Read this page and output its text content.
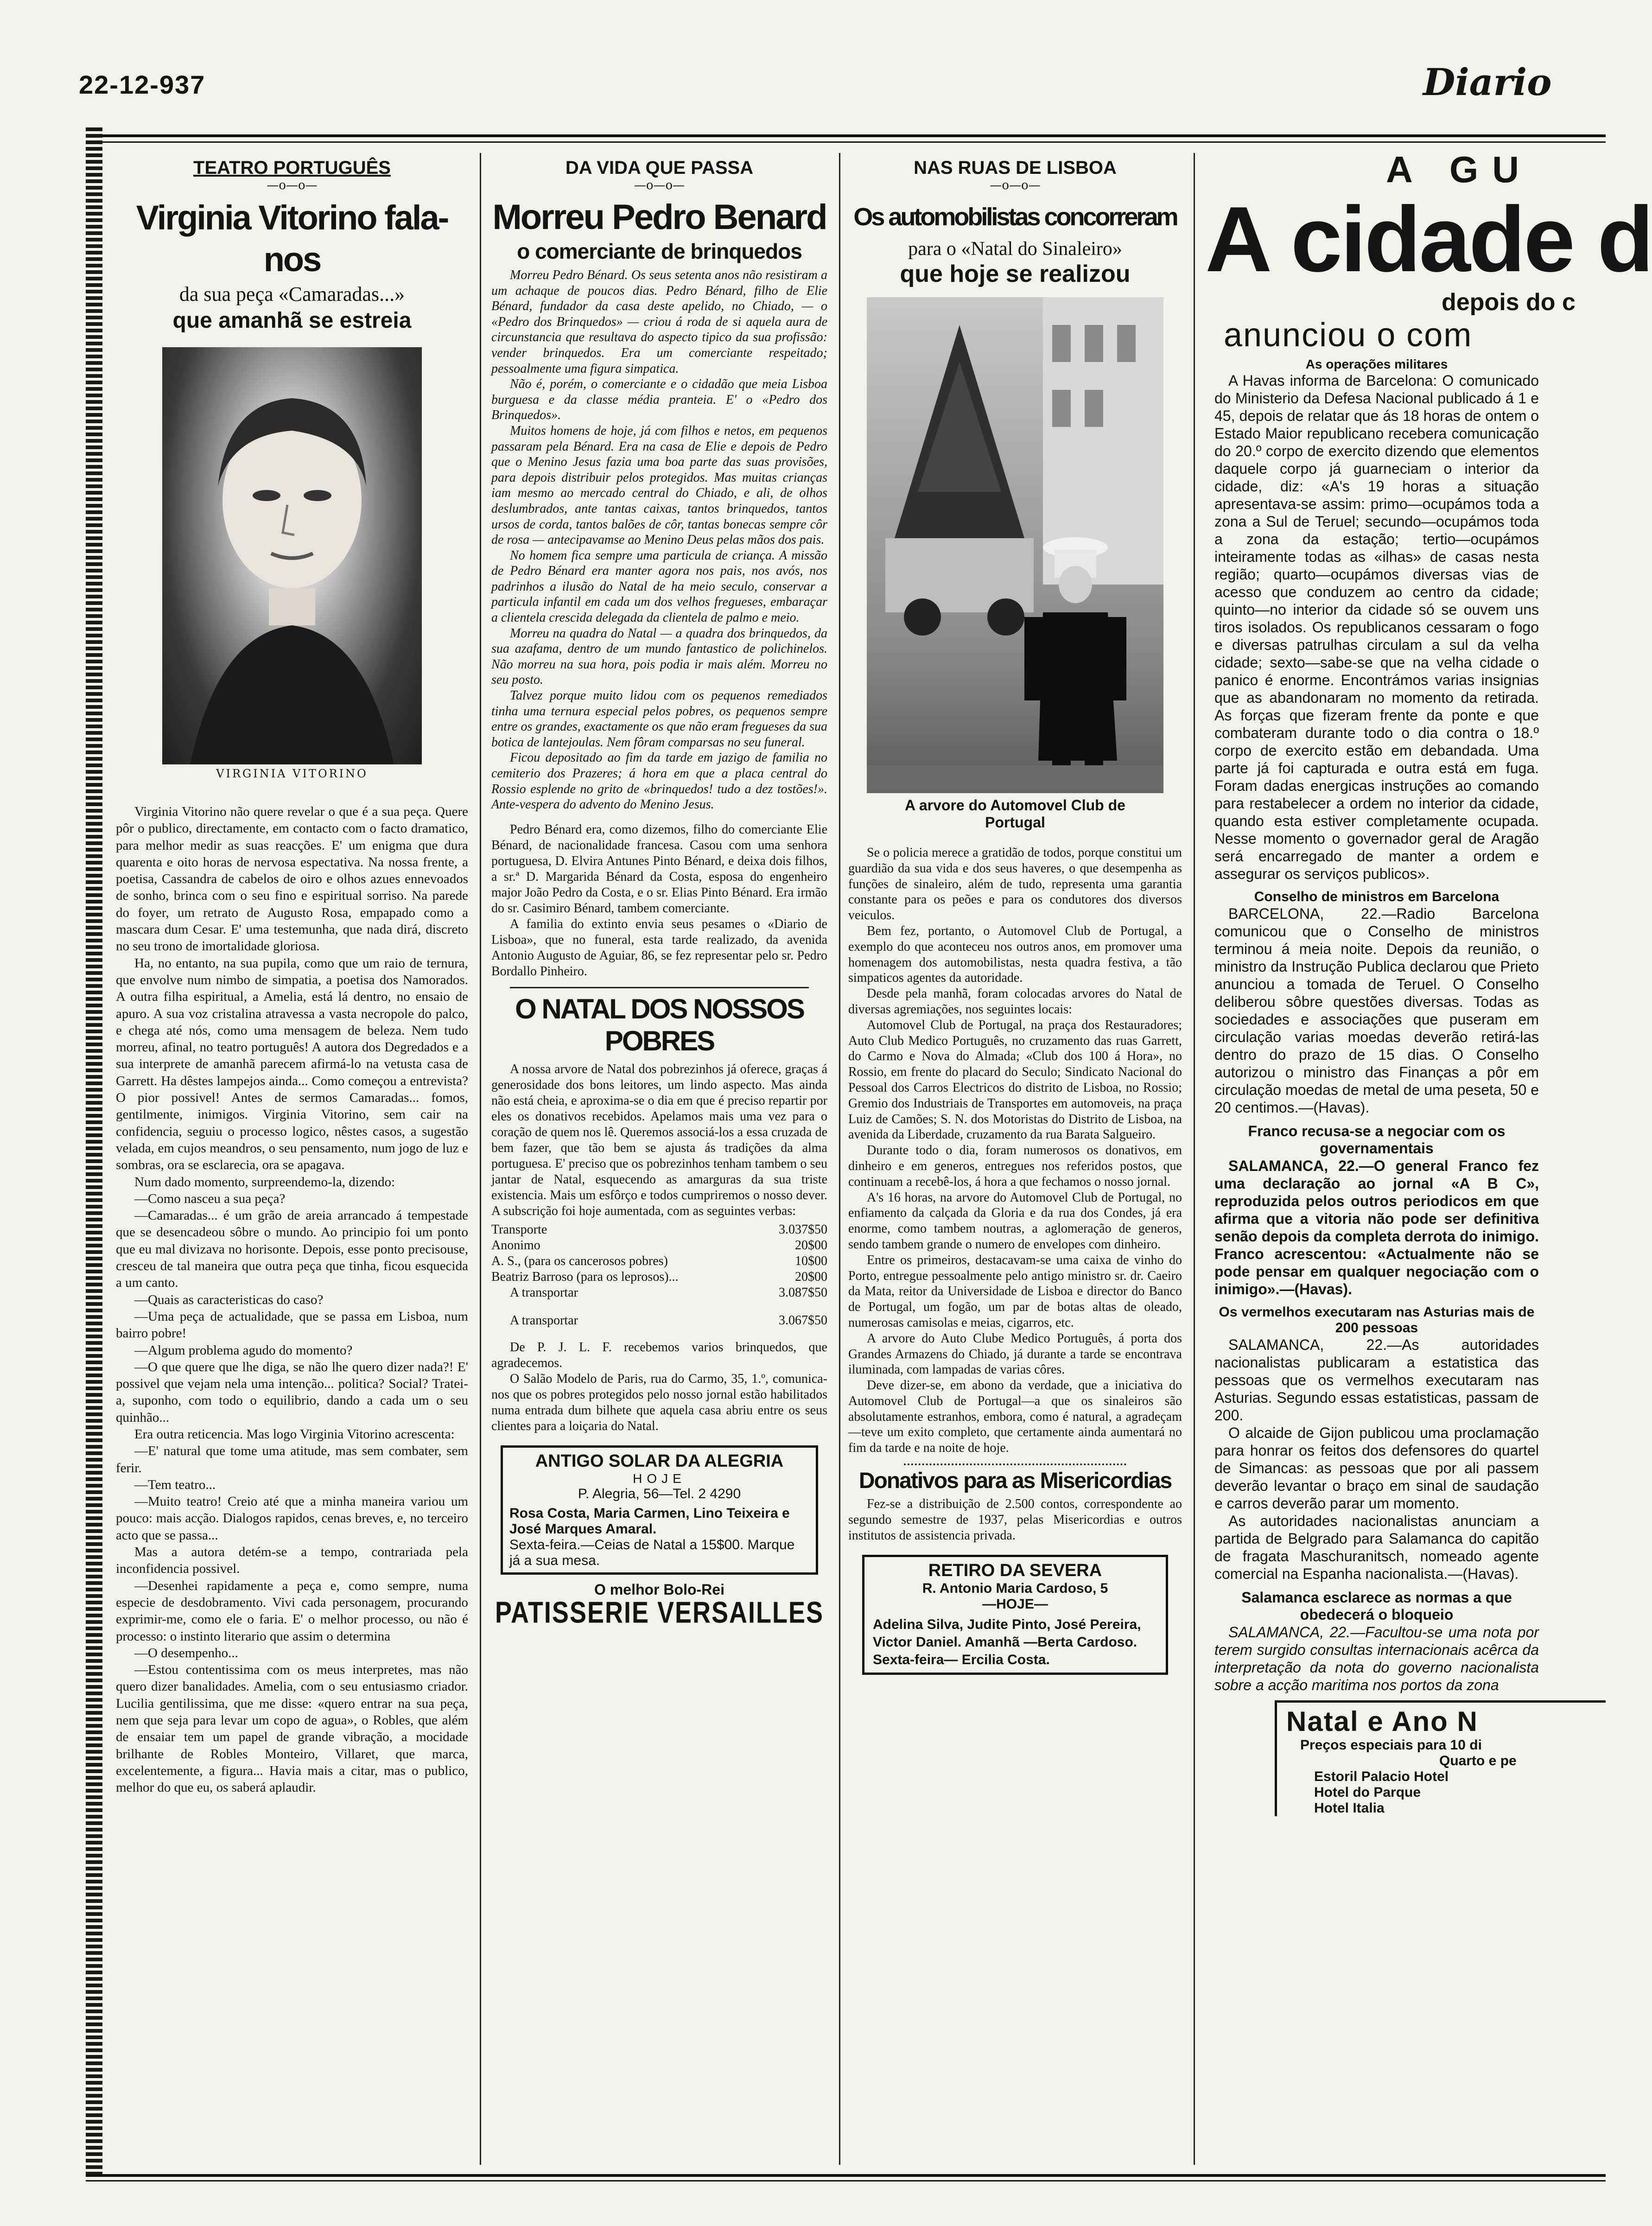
22-12-937	Diario
TEATRO PORTUGUÊS
—o—o—
Virginia Vitorino fala-nos
da sua peça «Camaradas...»
que amanhã se estreia
VIRGINIA VITORINO

Virginia Vitorino não quere revelar o que é a sua peça. Quere pôr o publico, directamente, em contacto com o facto dramatico, para melhor medir as suas reacções. E' um enigma que dura quarenta e oito horas de nervosa espectativa. Na nossa frente, a poetisa, Cassandra de cabelos de oiro e olhos azues ennevoados de sonho, brinca com o seu fino e espiritual sorriso. Na parede do foyer, um retrato de Augusto Rosa, empapado como a mascara dum Cesar. E' uma testemunha, que nada dirá, discreto no seu trono de imortalidade gloriosa.

Ha, no entanto, na sua pupila, como que um raio de ternura, que envolve num nimbo de simpatia, a poetisa dos Namorados. A outra filha espiritual, a Amelia, está lá dentro, no ensaio de apuro. A sua voz cristalina atravessa a vasta necropole do palco, e chega até nós, como uma mensagem de beleza. Nem tudo morreu, afinal, no teatro português! A autora dos Degredados e a sua interprete de amanhã parecem afirmá-lo na vetusta casa de Garrett. Ha dêstes lampejos ainda... Como começou a entrevista? O pior possivel! Antes de sermos Camaradas... fomos, gentilmente, inimigos. Virginia Vitorino, sem cair na confidencia, seguiu o processo logico, nêstes casos, a sugestão velada, em cujos meandros, o seu pensamento, num jogo de luz e sombras, ora se esclarecia, ora se apagava.

Num dado momento, surpreendemo-la, dizendo:

—Como nasceu a sua peça?

—Camaradas... é um grão de areia arrancado á tempestade que se desencadeou sôbre o mundo. Ao principio foi um ponto que eu mal divizava no horisonte. Depois, esse ponto precisouse, cresceu de tal maneira que outra peça que tinha, ficou esquecida a um canto.

—Quais as caracteristicas do caso?

—Uma peça de actualidade, que se passa em Lisboa, num bairro pobre!

—Algum problema agudo do momento?

—O que quere que lhe diga, se não lhe quero dizer nada?! E' possivel que vejam nela uma intenção... politica? Social? Tratei-a, suponho, com todo o equilibrio, dando a cada um o seu quinhão...

Era outra reticencia. Mas logo Virginia Vitorino acrescenta:

—E' natural que tome uma atitude, mas sem combater, sem ferir.

—Tem teatro...

—Muito teatro! Creio até que a minha maneira variou um pouco: mais acção. Dialogos rapidos, cenas breves, e, no terceiro acto que se passa...

Mas a autora detém-se a tempo, contrariada pela inconfidencia possivel.

—Desenhei rapidamente a peça e, como sempre, numa especie de desdobramento. Vivi cada personagem, procurando exprimir-me, como ele o faria. E' o melhor processo, ou não é processo: o instinto literario que assim o determina

—O desempenho...

—Estou contentissima com os meus interpretes, mas não quero dizer banalidades. Amelia, com o seu entusiasmo criador. Lucilia gentilissima, que me disse: «quero entrar na sua peça, nem que seja para levar um copo de agua», o Robles, que além de ensaiar tem um papel de grande vibração, a mocidade brilhante de Robles Monteiro, Villaret, que marca, excelentemente, a figura... Havia mais a citar, mas o publico, melhor do que eu, os saberá aplaudir.

DA VIDA QUE PASSA
—o—o—
Morreu Pedro Benard
o comerciante de brinquedos

Morreu Pedro Bénard. Os seus setenta anos não resistiram a um achaque de poucos dias. Pedro Bénard, filho de Elie Bénard, fundador da casa deste apelido, no Chiado, — o «Pedro dos Brinquedos» — criou á roda de si aquela aura de circunstancia que resultava do aspecto tipico da sua profissão: vender brinquedos. Era um comerciante respeitado; pessoalmente uma figura simpatica.

Não é, porém, o comerciante e o cidadão que meia Lisboa burguesa e da classe média pranteia. E' o «Pedro dos Brinquedos».

Muitos homens de hoje, já com filhos e netos, em pequenos passaram pela Bénard. Era na casa de Elie e depois de Pedro que o Menino Jesus fazia uma boa parte das suas provisões, para depois distribuir pelos protegidos. Mas muitas crianças iam mesmo ao mercado central do Chiado, e ali, de olhos deslumbrados, ante tantas caixas, tantos brinquedos, tantos ursos de corda, tantos balões de côr, tantas bonecas sempre côr de rosa — antecipavamse ao Menino Deus pelas mãos dos pais.

No homem fica sempre uma particula de criança. A missão de Pedro Bénard era manter agora nos pais, nos avós, nos padrinhos a ilusão do Natal de ha meio seculo, conservar a particula infantil em cada um dos velhos fregueses, embaraçar a clientela crescida delegada da clientela de palmo e meio.

Morreu na quadra do Natal — a quadra dos brinquedos, da sua azafama, dentro de um mundo fantastico de polichinelos. Não morreu na sua hora, pois podia ir mais além. Morreu no seu posto.

Talvez porque muito lidou com os pequenos remediados tinha uma ternura especial pelos pobres, os pequenos sempre entre os grandes, exactamente os que não eram fregueses da sua botica de lantejoulas. Nem fôram comparsas no seu funeral.

Ficou depositado ao fim da tarde em jazigo de familia no cemiterio dos Prazeres; á hora em que a placa central do Rossio esplende no grito de «brinquedos! tudo a dez tostões!». Ante-vespera do advento do Menino Jesus.

Pedro Bénard era, como dizemos, filho do comerciante Elie Bénard, de nacionalidade francesa. Casou com uma senhora portuguesa, D. Elvira Antunes Pinto Bénard, e deixa dois filhos, a sr.ª D. Margarida Bénard da Costa, esposa do engenheiro major João Pedro da Costa, e o sr. Elias Pinto Bénard. Era irmão do sr. Casimiro Bénard, tambem comerciante.

A familia do extinto envia seus pesames o «Diario de Lisboa», que no funeral, esta tarde realizado, da avenida Antonio Augusto de Aguiar, 86, se fez representar pelo sr. Pedro Bordallo Pinheiro.

O NATAL DOS NOSSOS POBRES

A nossa arvore de Natal dos pobrezinhos já oferece, graças á generosidade dos bons leitores, um lindo aspecto. Mas ainda não está cheia, e aproxima-se o dia em que é preciso repartir por eles os donativos recebidos. Apelamos mais uma vez para o coração de quem nos lê. Queremos associá-los a essa cruzada de bem fazer, que tão bem se ajusta ás tradições da alma portuguesa. E' preciso que os pobrezinhos tenham tambem o seu jantar de Natal, esquecendo as amarguras da sua triste existencia. Mais um esfôrço e todos cumpriremos o nosso dever. A subscrição foi hoje aumentada, com as seguintes verbas:

Transporte	3.037$50
Anonimo	20$00
A. S., (para os cancerosos pobres)	10$00
Beatriz Barroso (para os leprosos)...	20$00
A transportar	3.087$50
A transportar	3.067$50

De P. J. L. F. recebemos varios brinquedos, que agradecemos.

O Salão Modelo de Paris, rua do Carmo, 35, 1.º, comunica-nos que os pobres protegidos pelo nosso jornal estão habilitados numa entrada dum bilhete que aquela casa abriu entre os seus clientes para a loiçaria do Natal.

ANTIGO SOLAR DA ALEGRIA
HOJE
P. Alegria, 56—Tel. 2 4290
Rosa Costa, Maria Carmen, Lino Teixeira e José Marques Amaral.
Sexta-feira.—Ceias de Natal a 15$00. Marque já a sua mesa.
O melhor Bolo-Rei
PATISSERIE VERSAILLES
NAS RUAS DE LISBOA
—o—o—
Os automobilistas concorreram
para o «Natal do Sinaleiro»
que hoje se realizou
A arvore do Automovel Club de Portugal

Se o policia merece a gratidão de todos, porque constitui um guardião da sua vida e dos seus haveres, o que desempenha as funções de sinaleiro, além de tudo, representa uma garantia constante para os peões e para os condutores dos diversos veiculos.

Bem fez, portanto, o Automovel Club de Portugal, a exemplo do que aconteceu nos outros anos, em promover uma homenagem dos automobilistas, nesta quadra festiva, a tão simpaticos agentes da autoridade.

Desde pela manhã, foram colocadas arvores do Natal de diversas agremiações, nos seguintes locais:

Automovel Club de Portugal, na praça dos Restauradores; Auto Club Medico Português, no cruzamento das ruas Garrett, do Carmo e Nova do Almada; «Club dos 100 á Hora», no Rossio, em frente do placard do Seculo; Sindicato Nacional do Pessoal dos Carros Electricos do distrito de Lisboa, no Rossio; Gremio dos Industriais de Transportes em automoveis, na praça Luiz de Camões; S. N. dos Motoristas do Distrito de Lisboa, na avenida da Liberdade, cruzamento da rua Barata Salgueiro.

Durante todo o dia, foram numerosos os donativos, em dinheiro e em generos, entregues nos referidos postos, que continuam a recebê-los, á hora a que fechamos o nosso jornal.

A's 16 horas, na arvore do Automovel Club de Portugal, no enfiamento da calçada da Gloria e da rua dos Condes, já era enorme, como tambem noutras, a aglomeração de generos, sendo tambem grande o numero de envelopes com dinheiro.

Entre os primeiros, destacavam-se uma caixa de vinho do Porto, entregue pessoalmente pelo antigo ministro sr. dr. Caeiro da Mata, reitor da Universidade de Lisboa e director do Banco de Portugal, um fogão, um par de botas altas de oleado, numerosas camisolas e meias, cigarros, etc.

A arvore do Auto Clube Medico Português, á porta dos Grandes Armazens do Chiado, já durante a tarde se encontrava iluminada, com lampadas de varias côres.

Deve dizer-se, em abono da verdade, que a iniciativa do Automovel Club de Portugal—a que os sinaleiros são absolutamente estranhos, embora, como é natural, a agradeçam—teve um exito completo, que certamente ainda aumentará no fim da tarde e na noite de hoje.

Donativos para as Misericordias

Fez-se a distribuição de 2.500 contos, correspondente ao segundo semestre de 1937, pelas Misericordias e outros institutos de assistencia privada.

RETIRO DA SEVERA
R. Antonio Maria Cardoso, 5
—HOJE—
Adelina Silva, Judite Pinto, José Pereira, Victor Daniel. Amanhã —Berta Cardoso. Sexta-feira— Ercilia Costa.
A GU
A cidade d
depois do c
anunciou o com
As operações militares
A Havas informa de Barcelona: O comunicado do Ministerio da Defesa Nacional publicado á 1 e 45, depois de relatar que ás 18 horas de ontem o Estado Maior republicano recebera comunicação do 20.º corpo de exercito dizendo que elementos daquele corpo já guarneciam o interior da cidade, diz: «A's 19 horas a situação apresentava-se assim: primo—ocupámos toda a zona a Sul de Teruel; secundo—ocupámos toda a zona da estação; tertio—ocupámos inteiramente todas as «ilhas» de casas nesta região; quarto—ocupámos diversas vias de acesso que conduzem ao centro da cidade; quinto—no interior da cidade só se ouvem uns tiros isolados. Os republicanos cessaram o fogo e diversas patrulhas circulam a sul da velha cidade; sexto—sabe-se que na velha cidade o panico é enorme. Encontrámos varias insignias que as abandonaram no momento da retirada. As forças que fizeram frente da ponte e que combateram durante todo o dia contra o 18.º corpo de exercito estão em debandada. Uma parte já foi capturada e outra está em fuga. Foram dadas energicas instruções ao comando para restabelecer a ordem no interior da cidade, quando esta estiver completamente ocupada. Nesse momento o governador geral de Aragão será encarregado de manter a ordem e assegurar os serviços publicos».
Conselho de ministros em Barcelona
BARCELONA, 22.—Radio Barcelona comunicou que o Conselho de ministros terminou á meia noite. Depois da reunião, o ministro da Instrução Publica declarou que Prieto anunciou a tomada de Teruel. O Conselho deliberou sôbre questões diversas. Todas as sociedades e associações que puseram em circulação varias moedas deverão retirá-las dentro do prazo de 15 dias. O Conselho autorizou o ministro das Finanças a pôr em circulação moedas de metal de uma peseta, 50 e 20 centimos.—(Havas).
Franco recusa-se a negociar com os governamentais
SALAMANCA, 22.—O general Franco fez uma declaração ao jornal «A B C», reproduzida pelos outros periodicos em que afirma que a vitoria não pode ser definitiva senão depois da completa derrota do inimigo. Franco acrescentou: «Actualmente não se pode pensar em qualquer negociação com o inimigo».—(Havas).
Os vermelhos executaram nas Asturias mais de 200 pessoas
SALAMANCA, 22.—As autoridades nacionalistas publicaram a estatistica das pessoas que os vermelhos executaram nas Asturias. Segundo essas estatisticas, passam de 200.
O alcaide de Gijon publicou uma proclamação para honrar os feitos dos defensores do quartel de Simancas: as pessoas que por ali passem deverão levantar o braço em sinal de saudação e carros deverão parar um momento.
As autoridades nacionalistas anunciam a partida de Belgrado para Salamanca do capitão de fragata Maschuranitsch, nomeado agente comercial na Espanha nacionalista.—(Havas).
Salamanca esclarece as normas a que obedecerá o bloqueio
SALAMANCA, 22.—Facultou-se uma nota por terem surgido consultas internacionais acêrca da interpretação da nota do governo nacionalista sobre a acção maritima nos portos da zona
Natal e Ano N
Preços especiais para 10 di
Quarto e pe
Estoril Palacio Hotel
Hotel do Parque
Hotel Italia
